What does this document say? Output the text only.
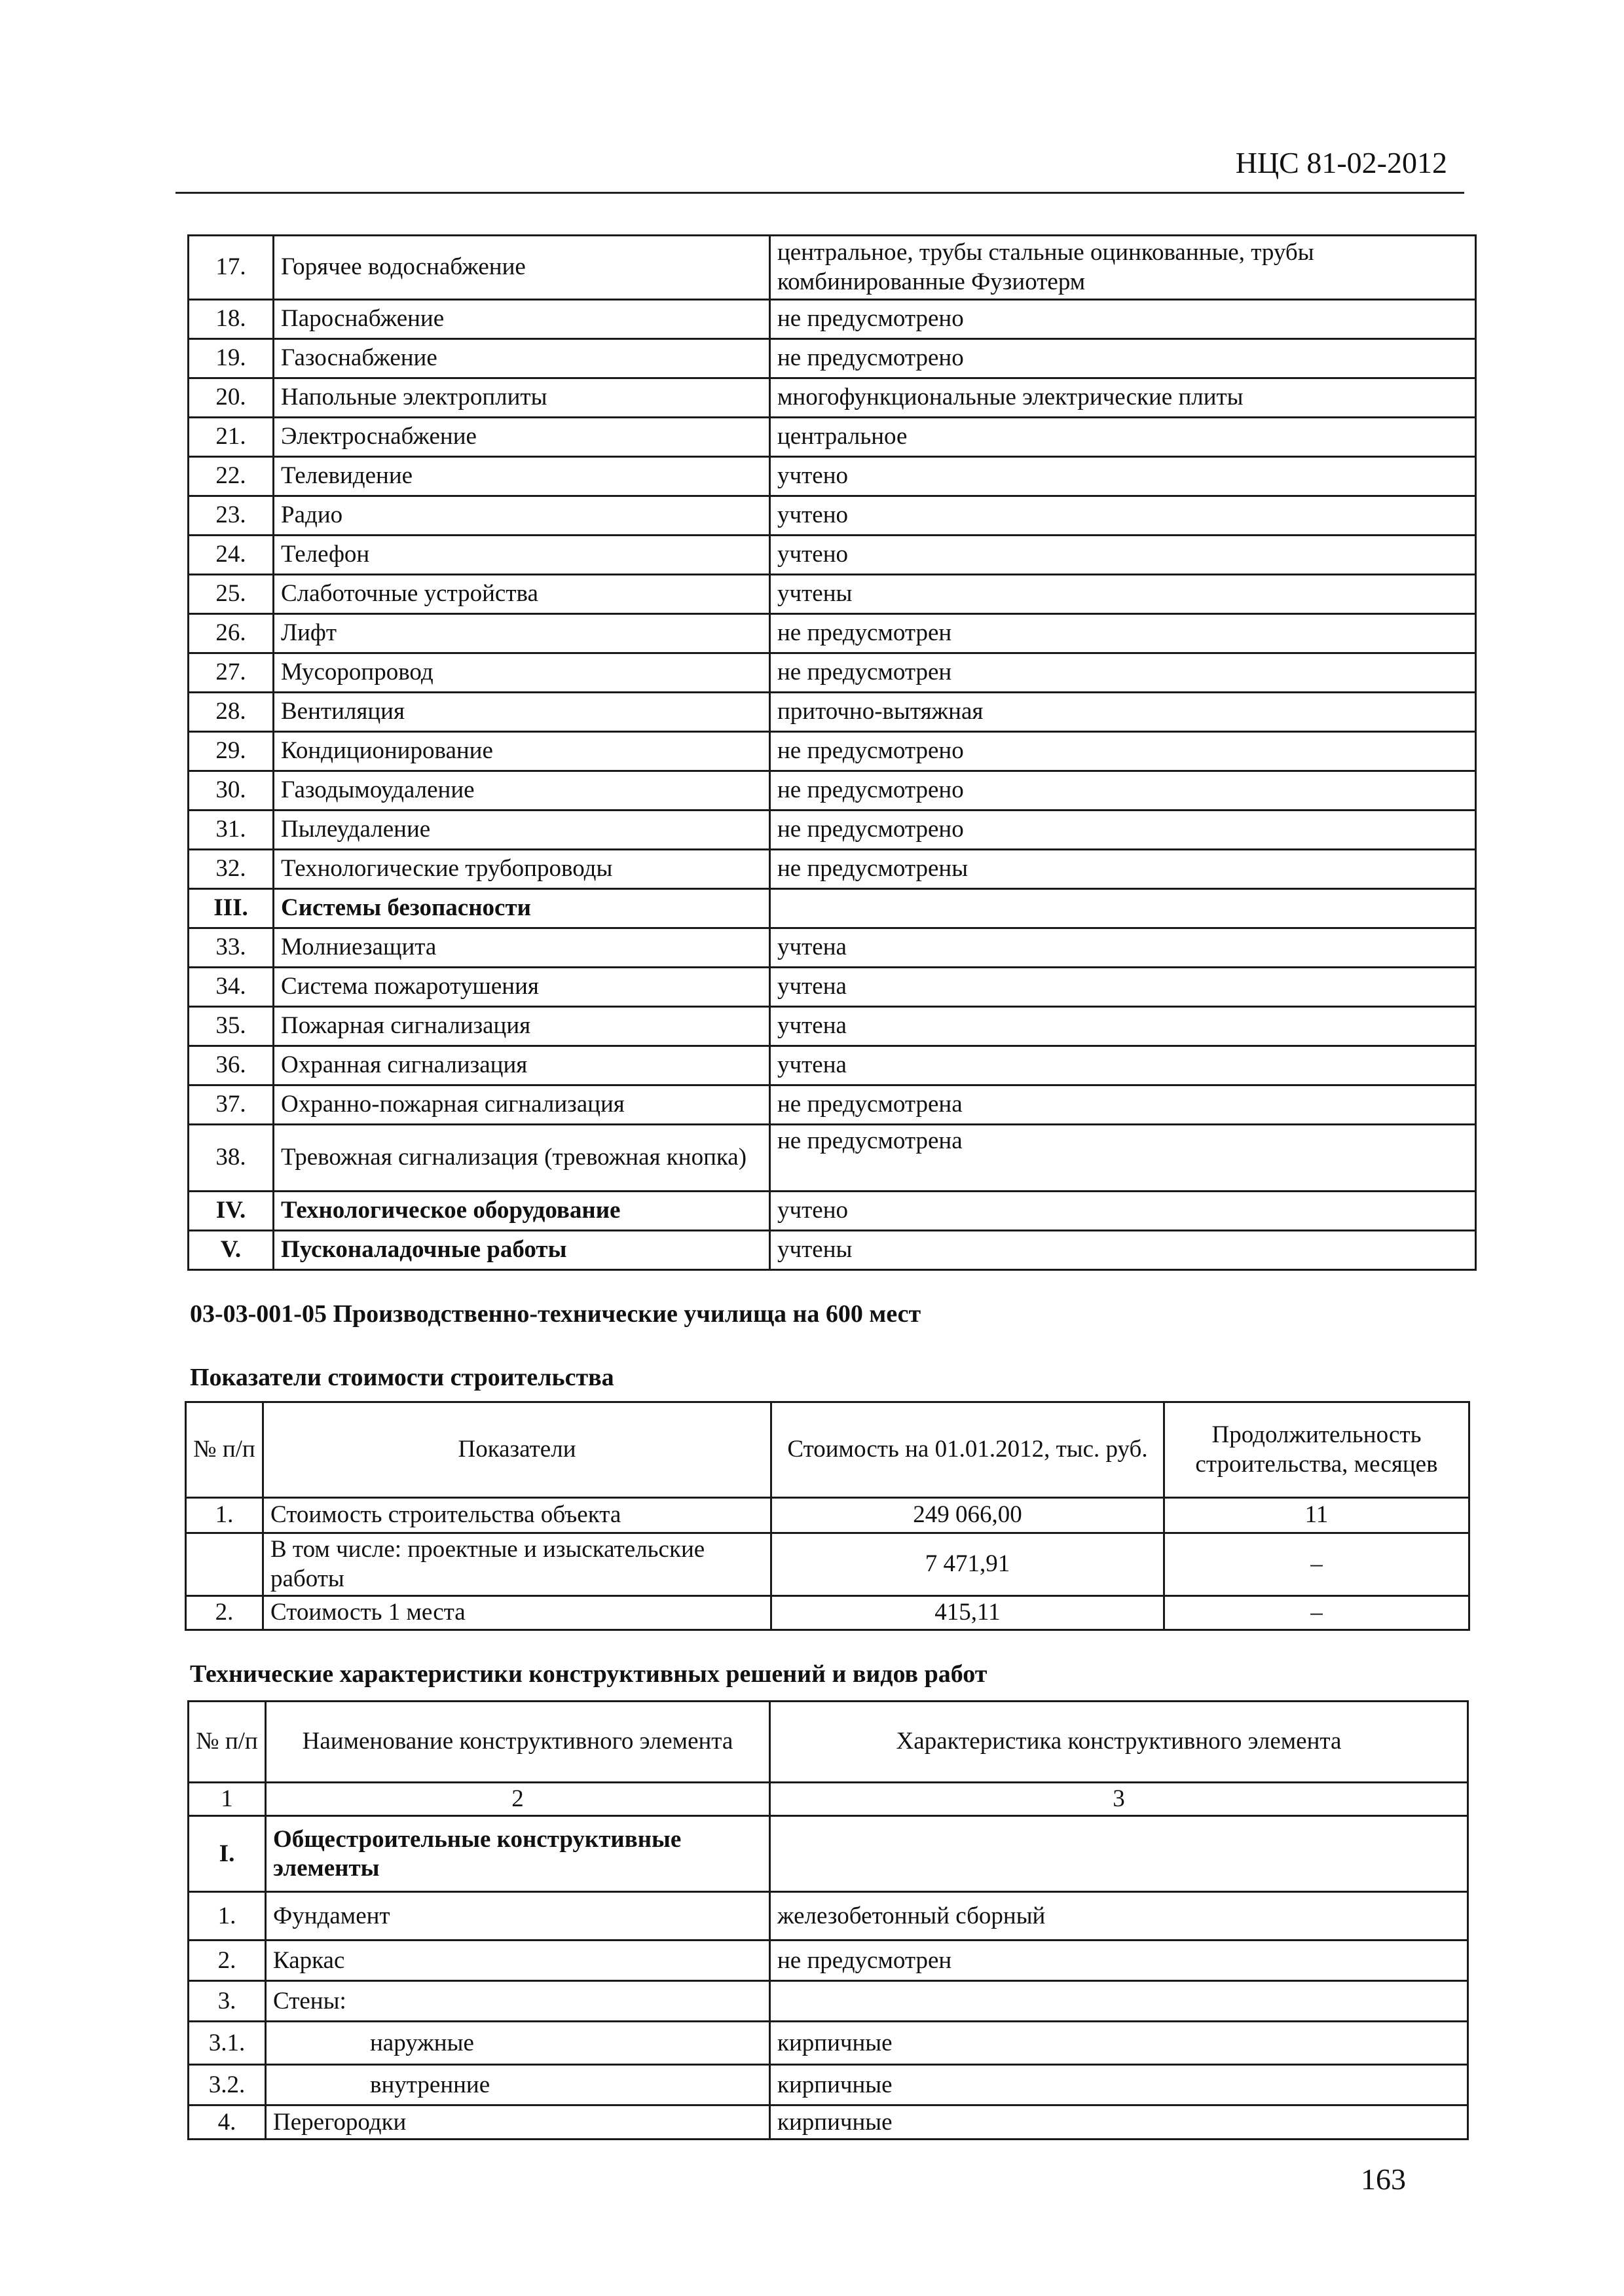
НЦС 81-02-2012
17.	Горячее водоснабжение	центральное, трубы стальные оцинкованные, трубы комбинированные Фузиотерм
18.	Пароснабжение	не предусмотрено
19.	Газоснабжение	не предусмотрено
20.	Напольные электроплиты	многофункциональные электрические плиты
21.	Электроснабжение	центральное
22.	Телевидение	учтено
23.	Радио	учтено
24.	Телефон	учтено
25.	Слаботочные устройства	учтены
26.	Лифт	не предусмотрен
27.	Мусоропровод	не предусмотрен
28.	Вентиляция	приточно-вытяжная
29.	Кондиционирование	не предусмотрено
30.	Газодымоудаление	не предусмотрено
31.	Пылеудаление	не предусмотрено
32.	Технологические трубопроводы	не предусмотрены
III.	Системы безопасности	
33.	Молниезащита	учтена
34.	Система пожаротушения	учтена
35.	Пожарная сигнализация	учтена
36.	Охранная сигнализация	учтена
37.	Охранно-пожарная сигнализация	не предусмотрена
38.	Тревожная сигнализация (тревожная кнопка)	не предусмотрена
IV.	Технологическое оборудование	учтено
V.	Пусконаладочные работы	учтены
03-03-001-05 Производственно-технические училища на 600 мест
Показатели стоимости строительства
№ п/п	Показатели	Стоимость на 01.01.2012, тыс. руб.	Продолжительность строительства, месяцев
1.	Стоимость строительства объекта	249 066,00	11
	В том числе: проектные и изыскательские работы	7 471,91	–
2.	Стоимость 1 места	415,11	–
Технические характеристики конструктивных решений и видов работ
№ п/п	Наименование конструктивного элемента	Характеристика конструктивного элемента
1	2	3
I.	Общестроительные конструктивные элементы	
1.	Фундамент	железобетонный сборный
2.	Каркас	не предусмотрен
3.	Стены:	
3.1.	наружные	кирпичные
3.2.	внутренние	кирпичные
4.	Перегородки	кирпичные
163
